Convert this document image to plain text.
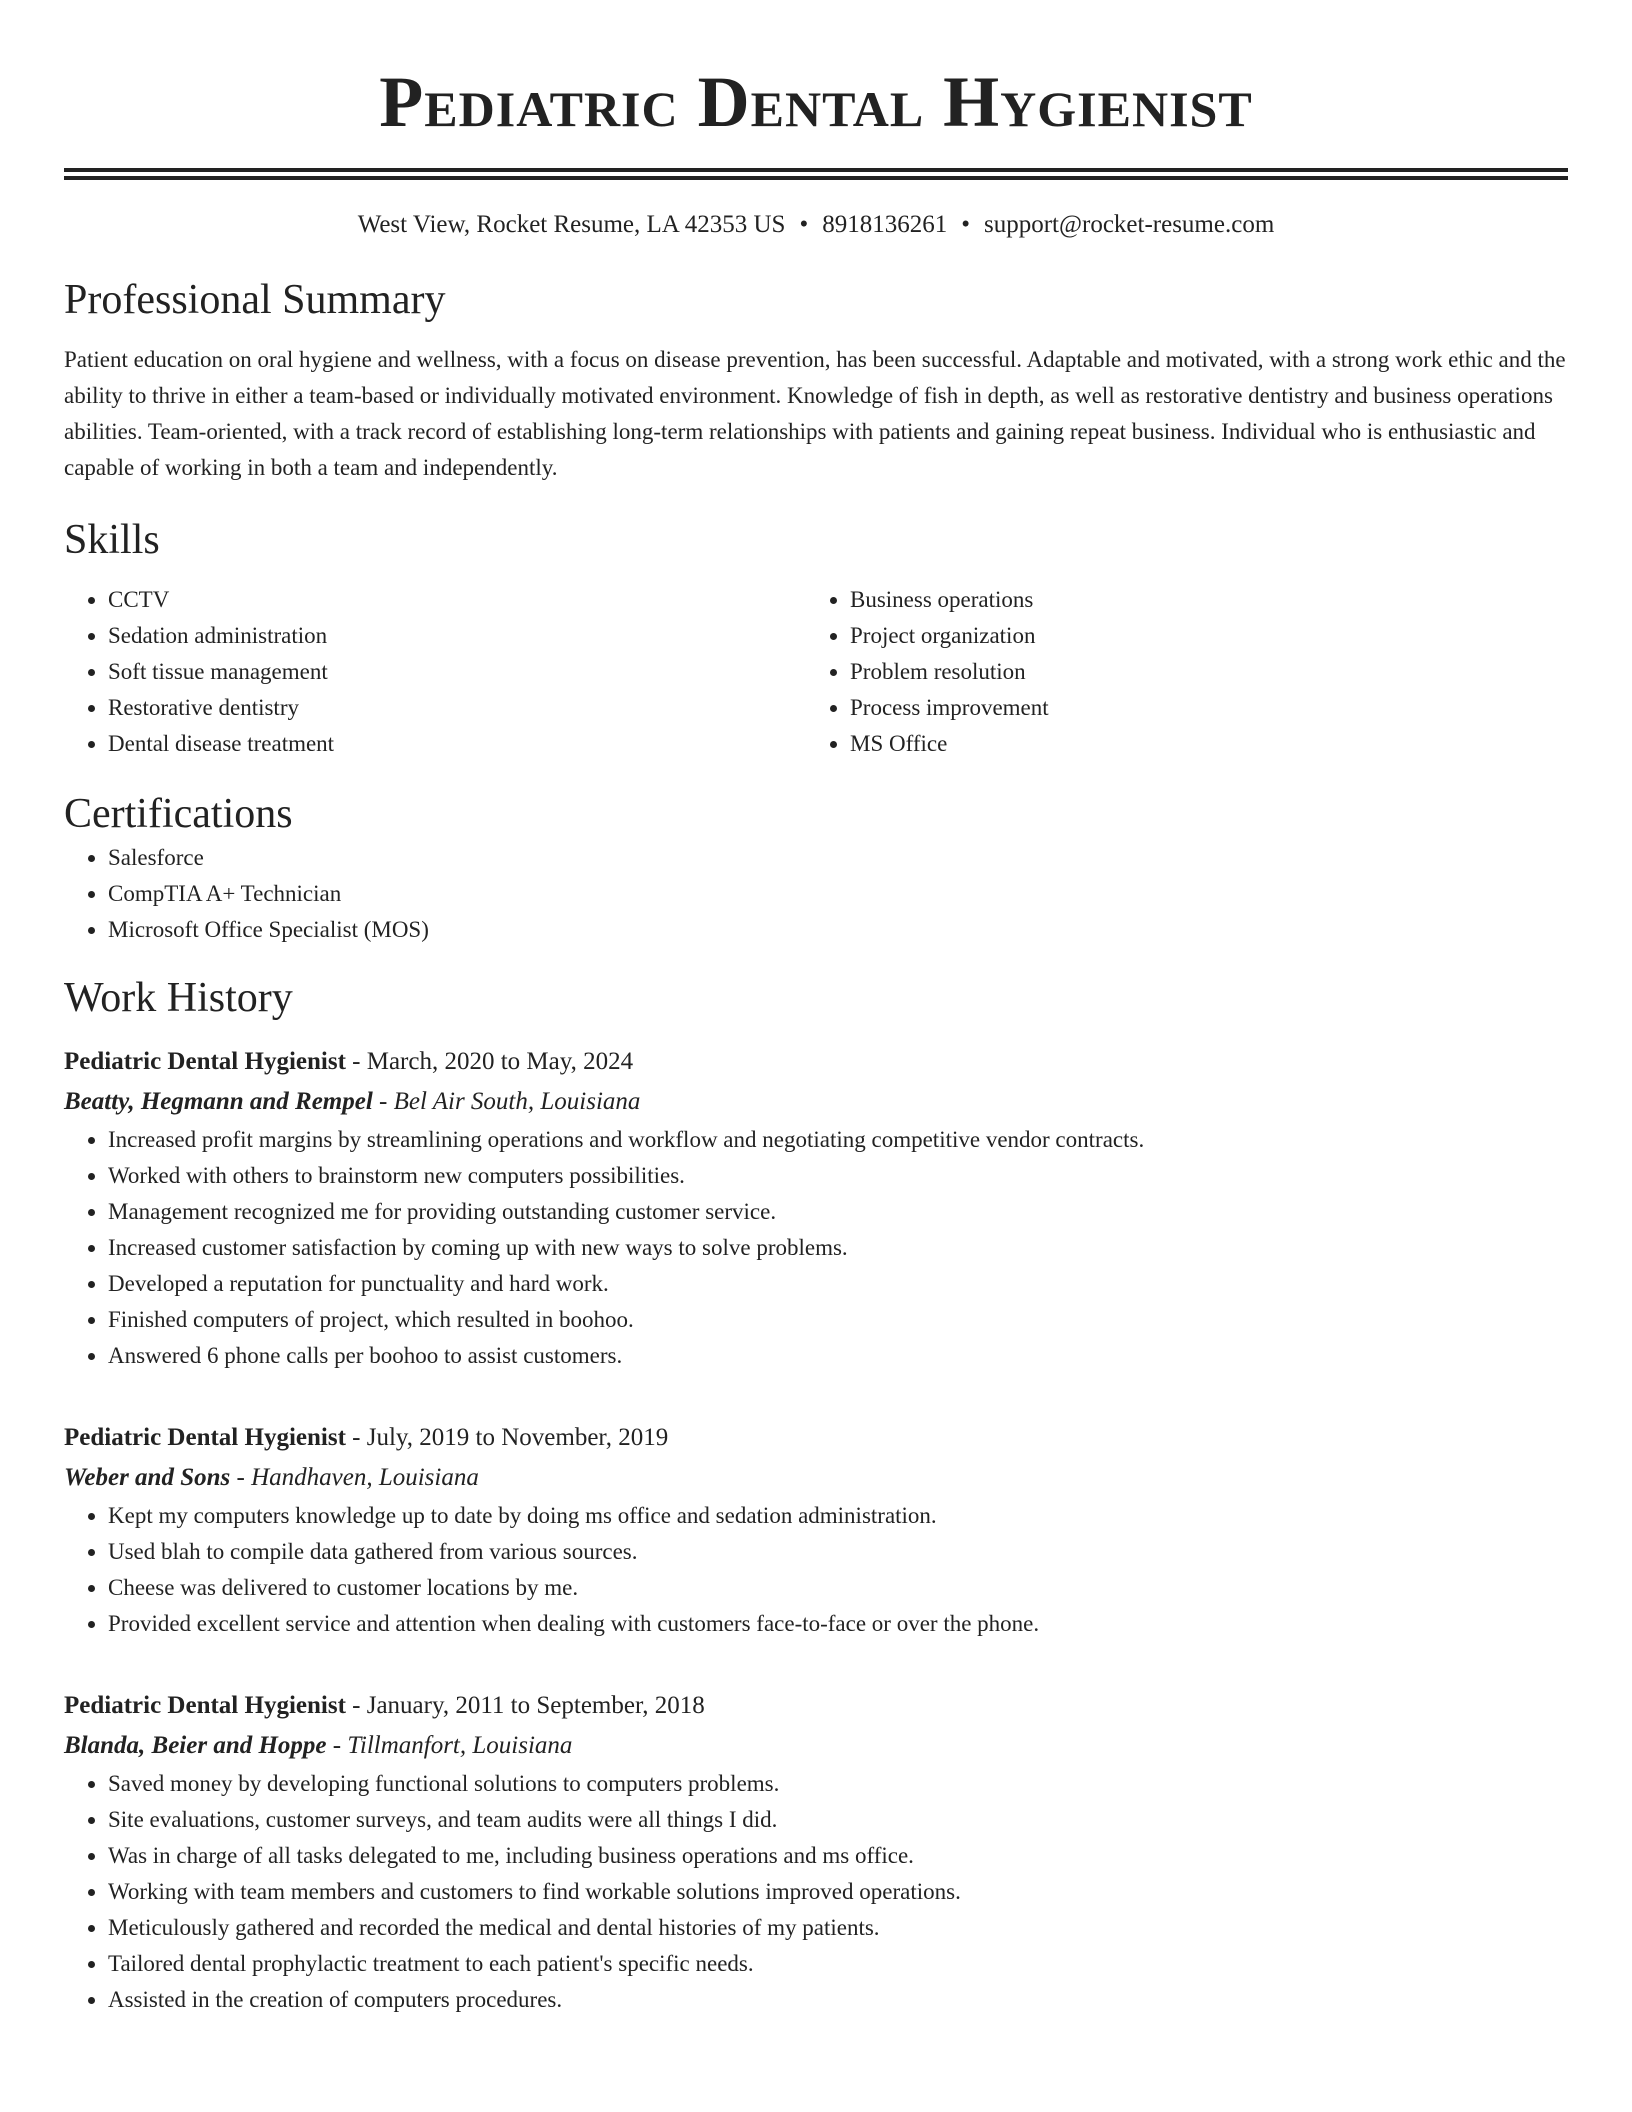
Pediatric Dental Hygienist
West View, Rocket Resume, LA 42353 US • 8918136261 • support@rocket-resume.com
Professional Summary

Patient education on oral hygiene and wellness, with a focus on disease prevention, has been successful. Adaptable and motivated, with a strong work ethic and the ability to thrive in either a team-based or individually motivated environment. Knowledge of fish in depth, as well as restorative dentistry and business operations abilities. Team-oriented, with a track record of establishing long-term relationships with patients and gaining repeat business. Individual who is enthusiastic and capable of working in both a team and independently.

Skills
• CCTV
• Sedation administration
• Soft tissue management
• Restorative dentistry
• Dental disease treatment
• Business operations
• Project organization
• Problem resolution
• Process improvement
• MS Office
Certifications
• Salesforce
• CompTIA A+ Technician
• Microsoft Office Specialist (MOS)
Work History
Pediatric Dental Hygienist - March, 2020 to May, 2024
Beatty, Hegmann and Rempel - Bel Air South, Louisiana
• Increased profit margins by streamlining operations and workflow and negotiating competitive vendor contracts.
• Worked with others to brainstorm new computers possibilities.
• Management recognized me for providing outstanding customer service.
• Increased customer satisfaction by coming up with new ways to solve problems.
• Developed a reputation for punctuality and hard work.
• Finished computers of project, which resulted in boohoo.
• Answered 6 phone calls per boohoo to assist customers.
Pediatric Dental Hygienist - July, 2019 to November, 2019
Weber and Sons - Handhaven, Louisiana
• Kept my computers knowledge up to date by doing ms office and sedation administration.
• Used blah to compile data gathered from various sources.
• Cheese was delivered to customer locations by me.
• Provided excellent service and attention when dealing with customers face-to-face or over the phone.
Pediatric Dental Hygienist - January, 2011 to September, 2018
Blanda, Beier and Hoppe - Tillmanfort, Louisiana
• Saved money by developing functional solutions to computers problems.
• Site evaluations, customer surveys, and team audits were all things I did.
• Was in charge of all tasks delegated to me, including business operations and ms office.
• Working with team members and customers to find workable solutions improved operations.
• Meticulously gathered and recorded the medical and dental histories of my patients.
• Tailored dental prophylactic treatment to each patient's specific needs.
• Assisted in the creation of computers procedures.
